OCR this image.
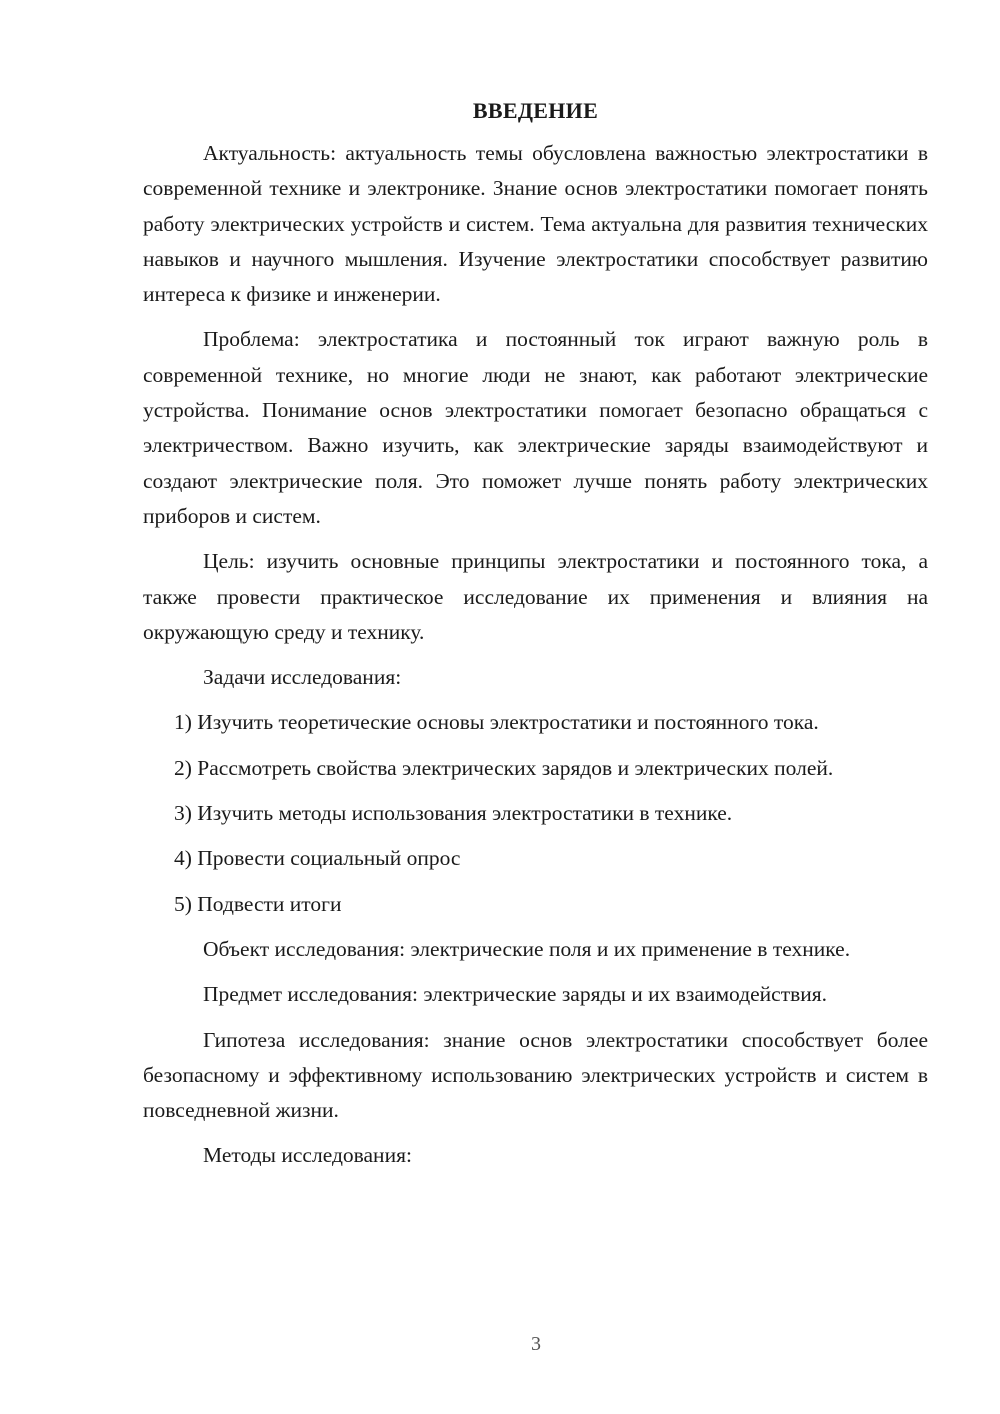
ВВЕДЕНИЕ

Актуальность: актуальность темы обусловлена важностью электростатики в современной технике и электронике. Знание основ электростатики помогает понять работу электрических устройств и систем. Тема актуальна для развития технических навыков и научного мышления. Изучение электростатики способствует развитию интереса к физике и инженерии.

Проблема: электростатика и постоянный ток играют важную роль в современной технике, но многие люди не знают, как работают электрические устройства. Понимание основ электростатики помогает безопасно обращаться с электричеством. Важно изучить, как электрические заряды взаимодействуют и создают электрические поля. Это поможет лучше понять работу электрических приборов и систем.

Цель: изучить основные принципы электростатики и постоянного тока, а также провести практическое исследование их применения и влияния на окружающую среду и технику.

Задачи исследования:

1) Изучить теоретические основы электростатики и постоянного тока.

2) Рассмотреть свойства электрических зарядов и электрических полей.

3) Изучить методы использования электростатики в технике.

4) Провести социальный опрос

5) Подвести итоги

Объект исследования: электрические поля и их применение в технике.

Предмет исследования: электрические заряды и их взаимодействия.

Гипотеза исследования: знание основ электростатики способствует более безопасному и эффективному использованию электрических устройств и систем в повседневной жизни.

Методы исследования:

3
